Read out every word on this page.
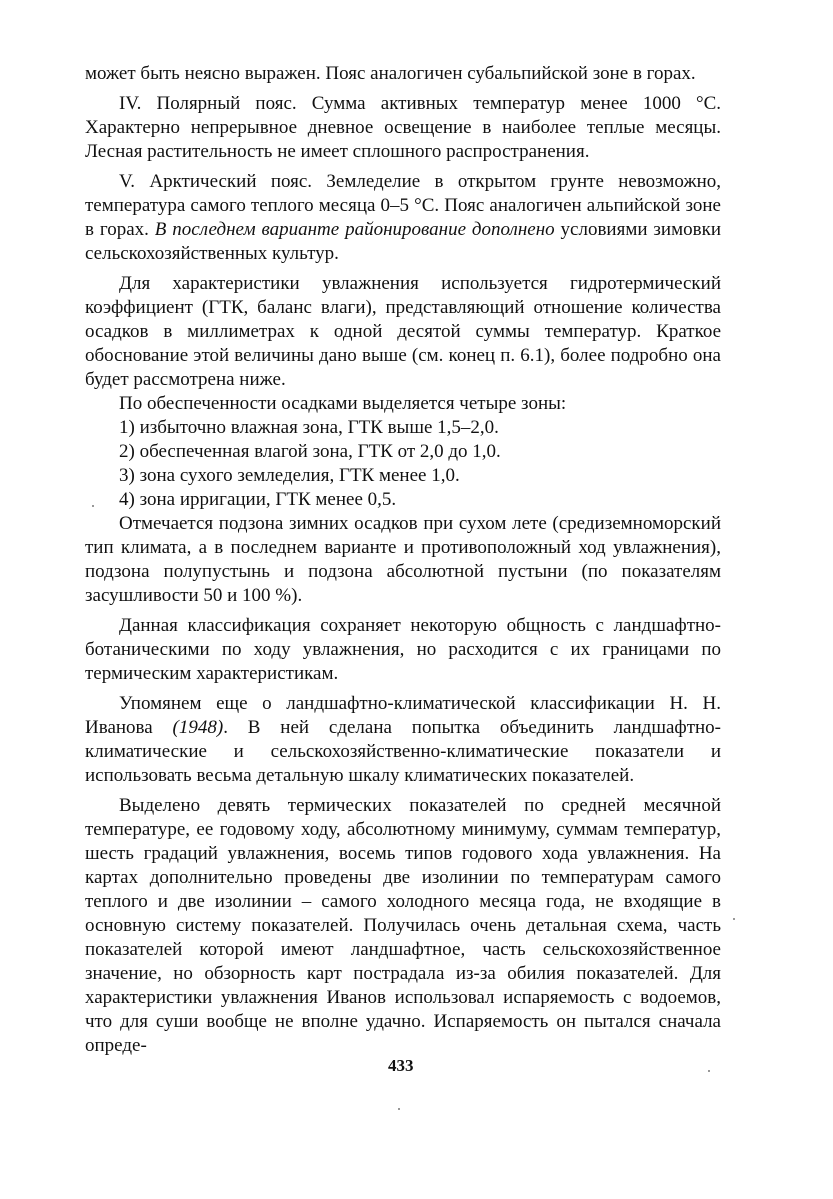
может быть неясно выражен. Пояс аналогичен субальпийской зоне в горах.

IV. Полярный пояс. Сумма активных температур менее 1000 °С. Характерно непрерывное дневное освещение в наиболее теплые месяцы. Лесная растительность не имеет сплошного распространения.

V. Арктический пояс. Земледелие в открытом грунте невозможно, температура самого теплого месяца 0–5 °С. Пояс аналогичен альпийской зоне в горах. В последнем варианте районирование дополнено условиями зимовки сельскохозяйственных культур.

Для характеристики увлажнения используется гидротермический коэффициент (ГТК, баланс влаги), представляющий отношение количества осадков в миллиметрах к одной десятой суммы температур. Краткое обоснование этой величины дано выше (см. конец п. 6.1), более подробно она будет рассмотрена ниже.

По обеспеченности осадками выделяется четыре зоны:

1) избыточно влажная зона, ГТК выше 1,5–2,0.

2) обеспеченная влагой зона, ГТК от 2,0 до 1,0.

3) зона сухого земледелия, ГТК менее 1,0.

4) зона ирригации, ГТК менее 0,5.

Отмечается подзона зимних осадков при сухом лете (средиземноморский тип климата, а в последнем варианте и противоположный ход увлажнения), подзона полупустынь и подзона абсолютной пустыни (по показателям засушливости 50 и 100 %).

Данная классификация сохраняет некоторую общность с ландшафтно-ботаническими по ходу увлажнения, но расходится с их границами по термическим характеристикам.

Упомянем еще о ландшафтно-климатической классификации Н. Н. Иванова (1948). В ней сделана попытка объединить ландшафтно-климатические и сельскохозяйственно-климатические показатели и использовать весьма детальную шкалу климатических показателей.

Выделено девять термических показателей по средней месячной температуре, ее годовому ходу, абсолютному минимуму, суммам температур, шесть градаций увлажнения, восемь типов годового хода увлажнения. На картах дополнительно проведены две изолинии по температурам самого теплого и две изолинии – самого холодного месяца года, не входящие в основную систему показателей. Получилась очень детальная схема, часть показателей которой имеют ландшафтное, часть сельскохозяйственное значение, но обзорность карт пострадала из-за обилия показателей. Для характеристики увлажнения Иванов использовал испаряемость с водоемов, что для суши вообще не вполне удачно. Испаряемость он пытался сначала опреде-

433
